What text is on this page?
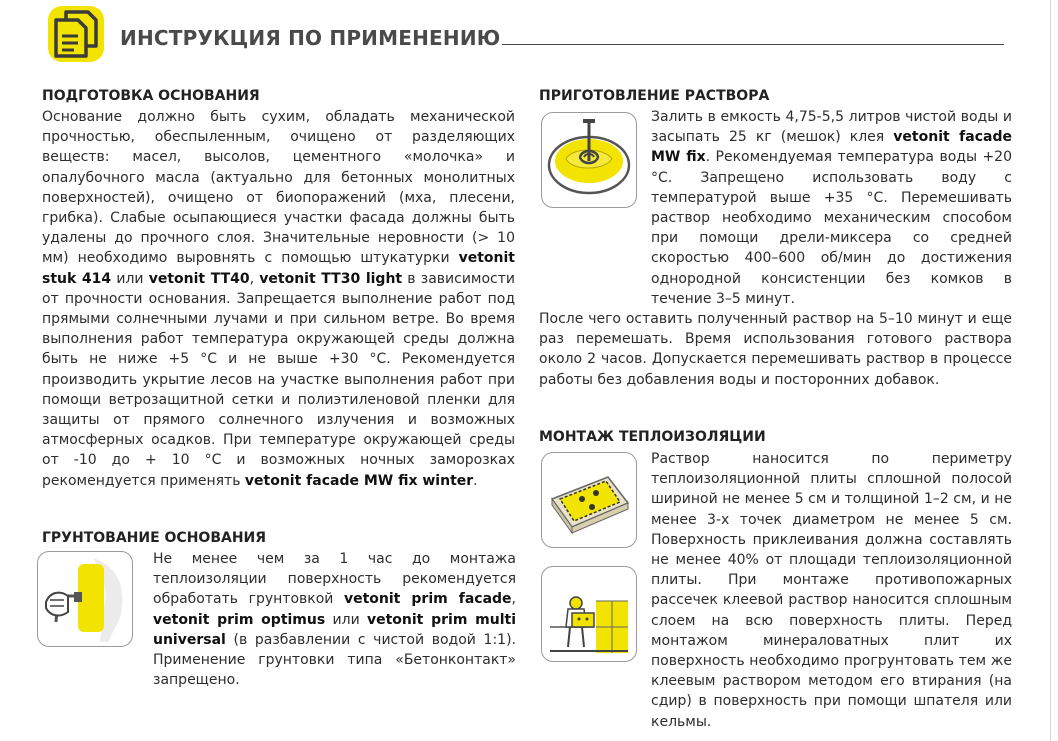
ИНСТРУКЦИЯ ПО ПРИМЕНЕНИЮ
ПОДГОТОВКА ОСНОВАНИЯ
Основание должно быть сухим, обладать механической прочностью, обеспыленным, очищено от разделяющих веществ: масел, высолов, цементного «молочка» и опалубочного масла (актуально для бетонных монолитных поверхностей), очищено от биопоражений (мха, плесени, грибка). Слабые осыпающиеся участки фасада должны быть удалены до прочного слоя. Значительные неровности (> 10 мм) необходимо выровнять с помощью штукатурки vetonit stuk 414 или vetonit TT40, vetonit TT30 light в зависимости от прочности основания. Запрещается выполнение работ под прямыми солнечными лучами и при сильном ветре. Во время выполнения работ температура окружающей среды должна быть не ниже +5 °С и не выше +30 °С. Рекомендуется производить укрытие лесов на участке выполнения работ при помощи ветрозащитной сетки и полиэтиленовой пленки для защиты от прямого солнечного излучения и возможных атмосферных осадков. При температуре окружающей среды от -10 до + 10 °С и возможных ночных заморозках рекомендуется применять vetonit facade MW fix winter.
ГРУНТОВАНИЕ ОСНОВАНИЯ
Не менее чем за 1 час до монтажа теплоизоляции поверхность рекомендуется обработать грунтовкой vetonit prim facade, vetonit prim optimus или vetonit prim multi universal (в разбавлении с чистой водой 1:1). Применение грунтовки типа «Бетонконтакт» запрещено.
ПРИГОТОВЛЕНИЕ РАСТВОРА
Залить в емкость 4,75-5,5 литров чистой воды и засыпать 25 кг (мешок) клея vetonit facade MW fix. Рекомендуемая температура воды +20 °С. Запрещено использовать воду с температурой выше +35 °С. Перемешивать раствор необходимо механическим способом при помощи дрели-миксера со средней скоростью 400–600 об/мин до достижения однородной консистенции без комков в течение 3–5 минут.
После чего оставить полученный раствор на 5–10 минут и еще раз перемешать. Время использования готового раствора около 2 часов. Допускается перемешивать раствор в процессе работы без добавления воды и посторонних добавок.
МОНТАЖ ТЕПЛОИЗОЛЯЦИИ
Раствор наносится по периметру теплоизоляционной плиты сплошной полосой шириной не менее 5 см и толщиной 1–2 см, и не менее 3-х точек диаметром не менее 5 см. Поверхность приклеивания должна составлять не менее 40% от площади теплоизоляционной плиты. При монтаже противопожарных рассечек клеевой раствор наносится сплошным слоем на всю поверхность плиты. Перед монтажом минераловатных плит их поверхность необходимо прогрунтовать тем же клеевым раствором методом его втирания (на сдир) в поверхность при помощи шпателя или кельмы.
